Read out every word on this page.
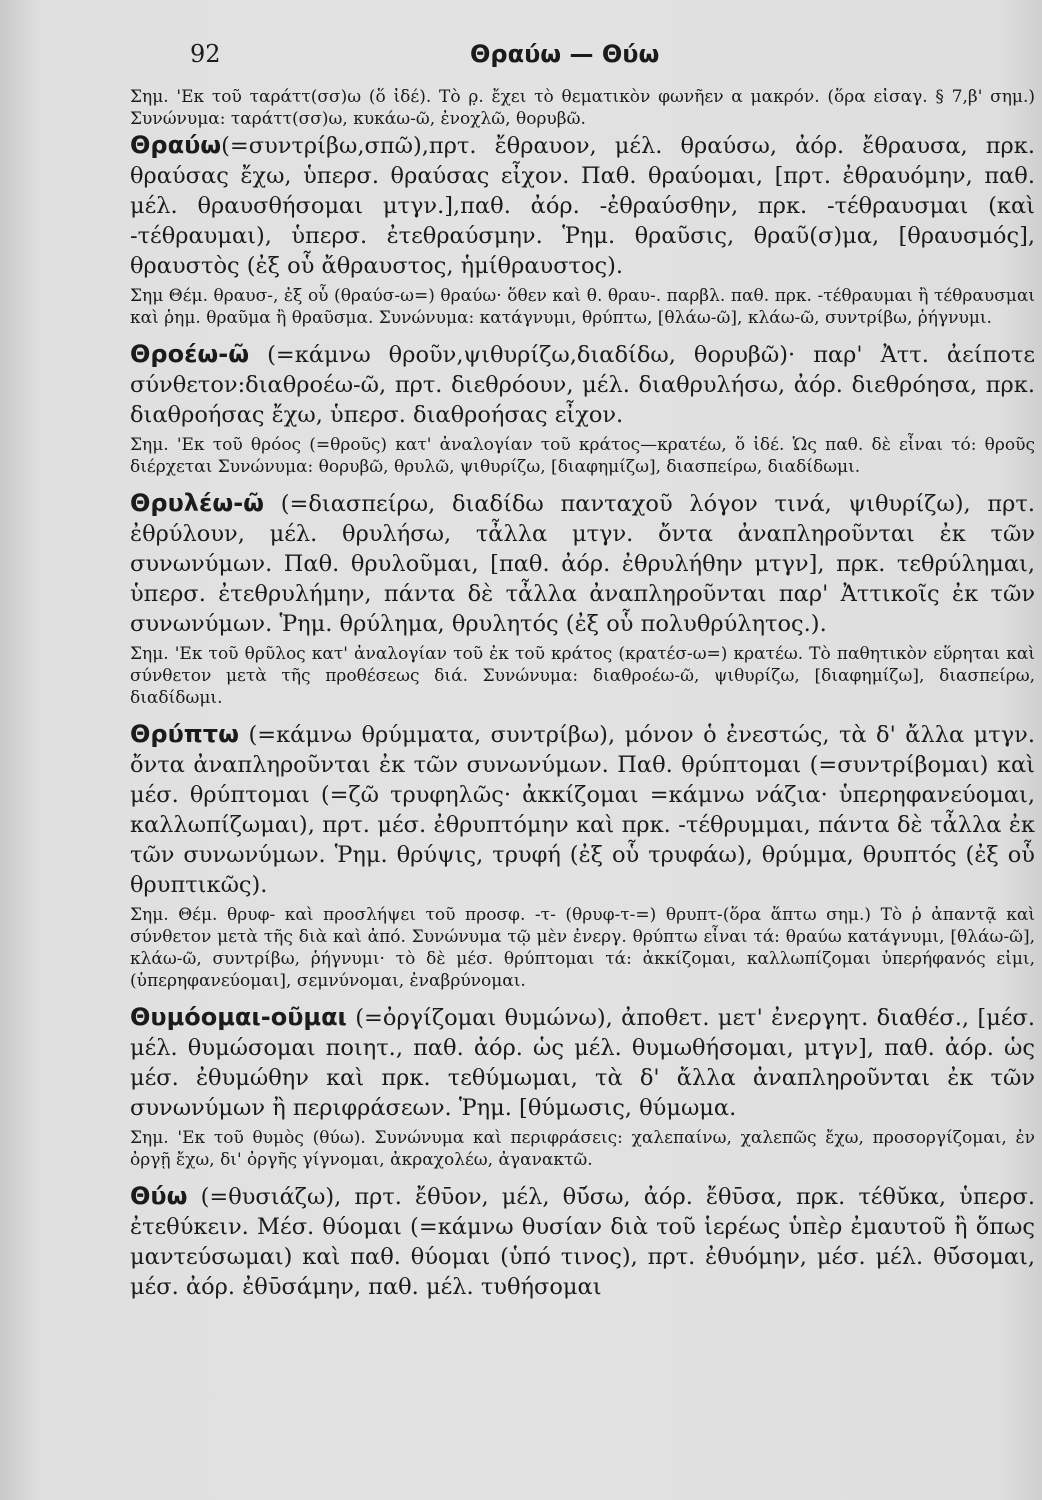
92	Θραύω — Θύω

Σημ. 'Εκ τοῦ ταράττ(σσ)ω (ὅ ἰδέ). Τὸ ρ̣. ἔχει τὸ θεματικὸν φωνῆεν α μακρόν. (ὅρα εἰσαγ. § 7,β' σημ.) Συνώνυμα: ταράττ(σσ)ω, κυκάω-ῶ, ἐνοχλῶ, θορυβῶ.

Θραύω(=συντρίβω,σπῶ),πρτ. ἔθραυον, μέλ. θραύσω, ἀόρ. ἔθραυσα, πρκ. θραύσας ἔχω, ὑπερσ. θραύσας εἶχον. Παθ. θραύομαι, [πρτ. ἐθραυόμην, παθ. μέλ. θραυσθήσομαι μτγν.],παθ. ἀόρ. -ἐθραύσθην, πρκ. -τέθραυσμαι (καὶ -τέθραυμαι), ὑπερσ. ἐτεθραύσμην. Ῥημ. θραῦσις, θραῦ(σ)μα, [θραυσμός], θραυστὸς (ἐξ οὗ ἄθραυστος, ἡμίθραυστος).

Σημ Θέμ. θραυσ-, ἐξ οὗ (θραύσ-ω=) θραύω· ὅθεν καὶ θ. θραυ-. παρβλ. παθ. πρκ. -τέθραυμαι ἢ τέθραυσμαι καὶ ῥημ. θραῦμα ἢ θραῦσμα. Συνώνυμα: κατάγνυμι, θρύπτω, [θλάω-ῶ], κλάω-ῶ, συντρίβω, ῥήγνυμι.

Θροέω-ῶ (=κάμνω θροῦν,ψιθυρίζω,διαδίδω, θορυβῶ)· παρ' Ἀττ. ἀείποτε σύνθετον:διαθροέω-ῶ, πρτ. διεθρόουν, μέλ. διαθρυλήσω, ἀόρ. διεθρόησα, πρκ. διαθροήσας ἔχω, ὑπερσ. διαθροήσας εἶχον.

Σημ. 'Εκ τοῦ θρόος (=θροῦς) κατ' ἀναλογίαν τοῦ κράτος—κρατέω, ὅ ἰδέ. Ὡς παθ. δὲ εἶναι τό: θροῦς διέρχεται Συνώνυμα: θορυβῶ, θρυλῶ, ψιθυρίζω, [διαφημίζω], διασπείρω, διαδίδωμι.

Θρυλέω-ῶ (=διασπείρω, διαδίδω πανταχοῦ λόγον τινά, ψιθυρίζω), πρτ. ἐθρύλουν, μέλ. θρυλήσω, τἆλλα μτγν. ὄντα ἀναπληροῦνται ἐκ τῶν συνωνύμων. Παθ. θρυλοῦμαι, [παθ. ἀόρ. ἐθρυλήθην μτγν], πρκ. τεθρύλημαι, ὑπερσ. ἐτεθρυλήμην, πάντα δὲ τἆλλα ἀναπληροῦνται παρ' Ἀττικοῖς ἐκ τῶν συνωνύμων. Ῥημ. θρύλημα, θρυλητός (ἐξ οὗ πολυθρύλητος.).

Σημ. 'Εκ τοῦ θρῦλος κατ' ἀναλογίαν τοῦ ἐκ τοῦ κράτος (κρατέσ-ω=) κρατέω. Τὸ παθητικὸν εὕρηται καὶ σύνθετον μετὰ τῆς προθέσεως διά. Συνώνυμα: διαθροέω-ῶ, ψιθυρίζω, [διαφημίζω], διασπείρω, διαδίδωμι.

Θρύπτω (=κάμνω θρύμματα, συντρίβω), μόνον ὁ ἐνεστώς, τὰ δ' ἄλλα μτγν. ὄντα ἀναπληροῦνται ἐκ τῶν συνωνύμων. Παθ. θρύπτομαι (=συντρίβομαι) καὶ μέσ. θρύπτομαι (=ζῶ τρυφηλῶς· ἀκκίζομαι =κάμνω νάζια· ὑπερηφανεύομαι, καλλωπίζωμαι), πρτ. μέσ. ἐθρυπτόμην καὶ πρκ. -τέθρυμμαι, πάντα δὲ τἆλλα ἐκ τῶν συνωνύμων. Ῥημ. θρύψις, τρυφή (ἐξ οὗ τρυφάω), θρύμμα, θρυπτός (ἐξ οὗ θρυπτικῶς).

Σημ. Θέμ. θρυφ- καὶ προσλήψει τοῦ προσφ. -τ- (θρυφ-τ-=) θρυπτ-(ὅρα ἅπτω σημ.) Τὸ ῥ ἀπαντᾷ καὶ σύνθετον μετὰ τῆς διὰ καὶ ἀπό. Συνώνυμα τῷ μὲν ἐνεργ. θρύπτω εἶναι τά: θραύω κατάγνυμι, [θλάω-ῶ], κλάω-ῶ, συντρίβω, ῥήγνυμι· τὸ δὲ μέσ. θρύπτομαι τά: ἀκκίζομαι, καλλωπίζομαι ὑπερήφανός εἰμι, (ὑπερηφανεύομαι], σεμνύνομαι, ἐναβρύνομαι.

Θυμόομαι-οῦμαι (=ὀργίζομαι θυμώνω), ἀποθετ. μετ' ἐνεργητ. διαθέσ., [μέσ. μέλ. θυμώσομαι ποιητ., παθ. ἀόρ. ὡς μέλ. θυμωθήσομαι, μτγν], παθ. ἀόρ. ὡς μέσ. ἐθυμώθην καὶ πρκ. τεθύμωμαι, τὰ δ' ἄλλα ἀναπληροῦνται ἐκ τῶν συνωνύμων ἢ περιφράσεων. Ῥημ. [θύμωσις, θύμωμα.

Σημ. 'Εκ τοῦ θυμὸς (θύω). Συνώνυμα καὶ περιφράσεις: χαλεπαίνω, χαλεπῶς ἔχω, προσοργίζομαι, ἐν ὀργῇ ἔχω, δι' ὀργῆς γίγνομαι, ἀκραχολέω, ἀγανακτῶ.

Θύω (=θυσιάζω), πρτ. ἔθῡον, μέλ, θῡ́σω, ἀόρ. ἔθῡσα, πρκ. τέθῠκα, ὑπερσ. ἐτεθύκειν. Μέσ. θύομαι (=κάμνω θυσίαν διὰ τοῦ ἱερέως ὑπὲρ ἐμαυτοῦ ἢ ὅπως μαντεύσωμαι) καὶ παθ. θύομαι (ὑπό τινος), πρτ. ἐθυόμην, μέσ. μέλ. θῡ́σομαι, μέσ. ἀόρ. ἐθῡσάμην, παθ. μέλ. τυθήσομαι
